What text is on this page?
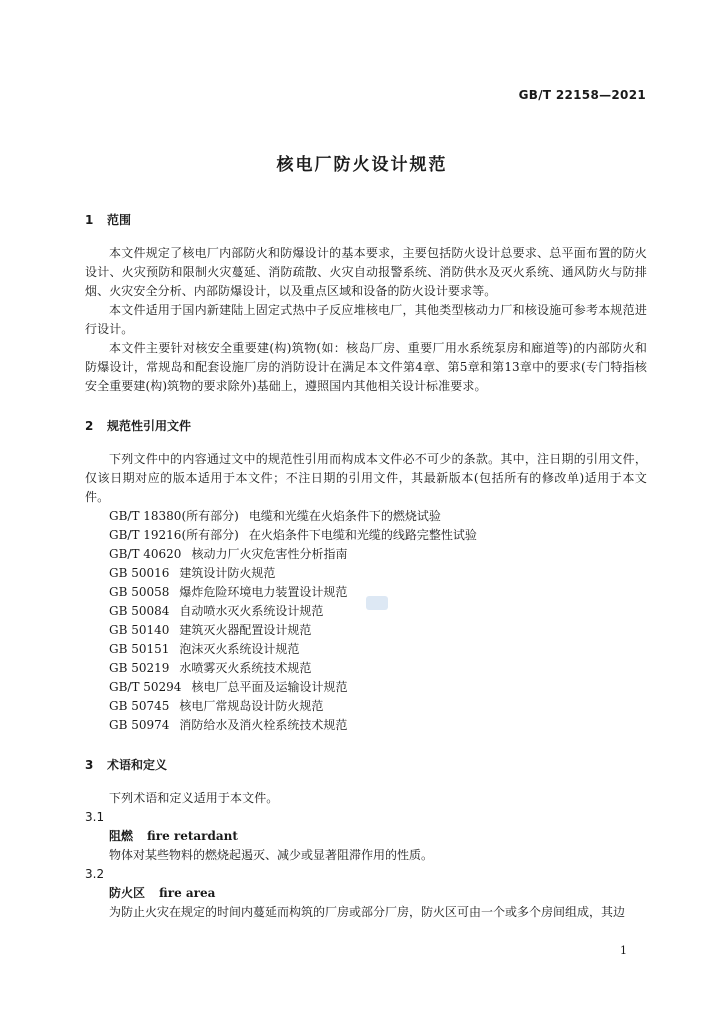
GB/T 22158—2021
核电厂防火设计规范
1 范围
本文件规定了核电厂内部防火和防爆设计的基本要求，主要包括防火设计总要求、总平面布置的防火设计、火灾预防和限制火灾蔓延、消防疏散、火灾自动报警系统、消防供水及灭火系统、通风防火与防排烟、火灾安全分析、内部防爆设计，以及重点区域和设备的防火设计要求等。
本文件适用于国内新建陆上固定式热中子反应堆核电厂，其他类型核动力厂和核设施可参考本规范进行设计。
本文件主要针对核安全重要建(构)筑物(如：核岛厂房、重要厂用水系统泵房和廊道等)的内部防火和防爆设计，常规岛和配套设施厂房的消防设计在满足本文件第4章、第5章和第13章中的要求(专门特指核安全重要建(构)筑物的要求除外)基础上，遵照国内其他相关设计标准要求。
2 规范性引用文件
下列文件中的内容通过文中的规范性引用而构成本文件必不可少的条款。其中，注日期的引用文件，仅该日期对应的版本适用于本文件；不注日期的引用文件，其最新版本(包括所有的修改单)适用于本文件。
GB/T 18380(所有部分) 电缆和光缆在火焰条件下的燃烧试验
GB/T 19216(所有部分) 在火焰条件下电缆和光缆的线路完整性试验
GB/T 40620 核动力厂火灾危害性分析指南
GB 50016 建筑设计防火规范
GB 50058 爆炸危险环境电力装置设计规范
GB 50084 自动喷水灭火系统设计规范
GB 50140 建筑灭火器配置设计规范
GB 50151 泡沫灭火系统设计规范
GB 50219 水喷雾灭火系统技术规范
GB/T 50294 核电厂总平面及运输设计规范
GB 50745 核电厂常规岛设计防火规范
GB 50974 消防给水及消火栓系统技术规范
3 术语和定义
下列术语和定义适用于本文件。
3.1
阻燃 fire retardant
物体对某些物料的燃烧起遏灭、减少或显著阻滞作用的性质。
3.2
防火区 fire area
为防止火灾在规定的时间内蔓延而构筑的厂房或部分厂房，防火区可由一个或多个房间组成，其边
1
